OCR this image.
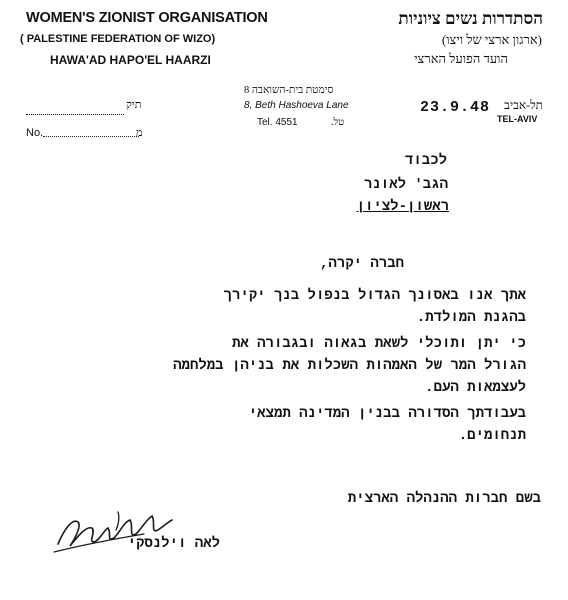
WOMEN'S ZIONIST ORGANISATION
( PALESTINE FEDERATION OF WIZO)
HAWA'AD HAPO'EL HAARZI
הסתדרות נשים ציוניות
(ארגון ארצי של ויצו)
הועד הפועל הארצי
סימטת בית-השואבה 8
8, Beth Hashoeva Lane
Tel. 4551	טל.
תיק
No.	מ
23.9.48 תל-אביב
TEL-AVIV
לכבוד
הגב' לאונר
ראשון-לציון
חברה יקרה,
אתך אנו באסונך הגדול בנפול בנך יקירך
בהגנת המולדת.
כי יתן ותוכלי לשאת בגאוה ובגבורה את
הגורל המר של האמהות השכלות את בניהן במלחמה
לעצמאות העם.
בעבודתך הסדורה בבנין המדינה תמצאי
תנחומים.
בשם חברות ההנהלה הארצית
לאה וילנסקי
